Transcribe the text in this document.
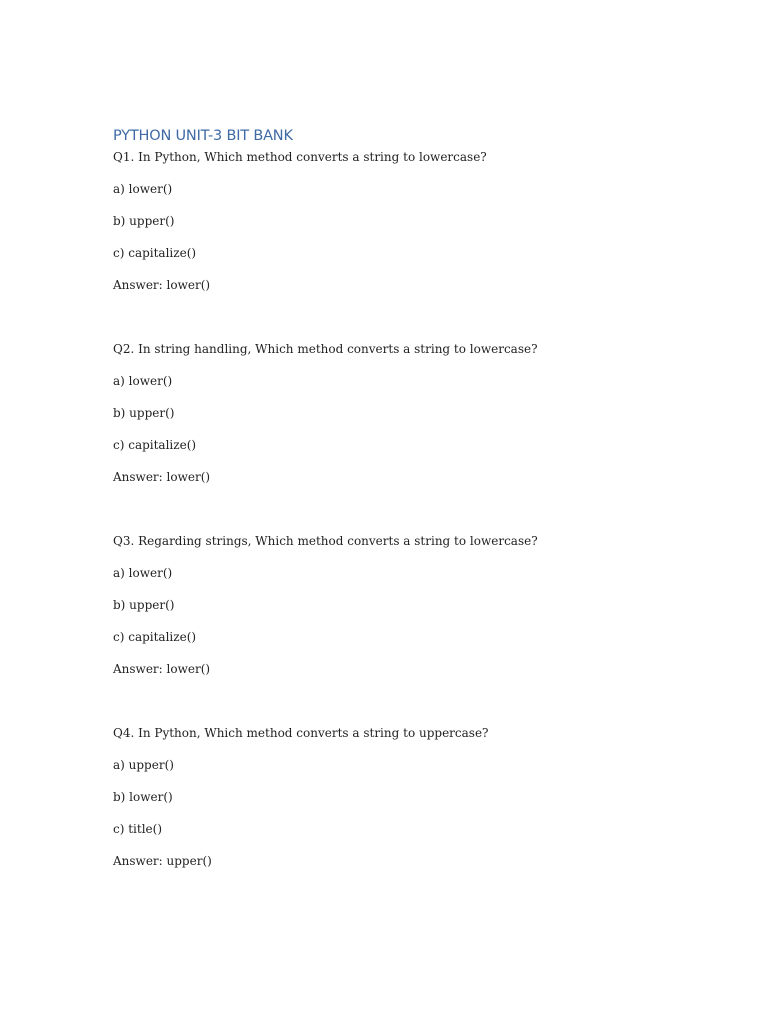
PYTHON UNIT-3 BIT BANK
Q1. In Python, Which method converts a string to lowercase?
a) lower()
b) upper()
c) capitalize()
Answer: lower()
Q2. In string handling, Which method converts a string to lowercase?
a) lower()
b) upper()
c) capitalize()
Answer: lower()
Q3. Regarding strings, Which method converts a string to lowercase?
a) lower()
b) upper()
c) capitalize()
Answer: lower()
Q4. In Python, Which method converts a string to uppercase?
a) upper()
b) lower()
c) title()
Answer: upper()
